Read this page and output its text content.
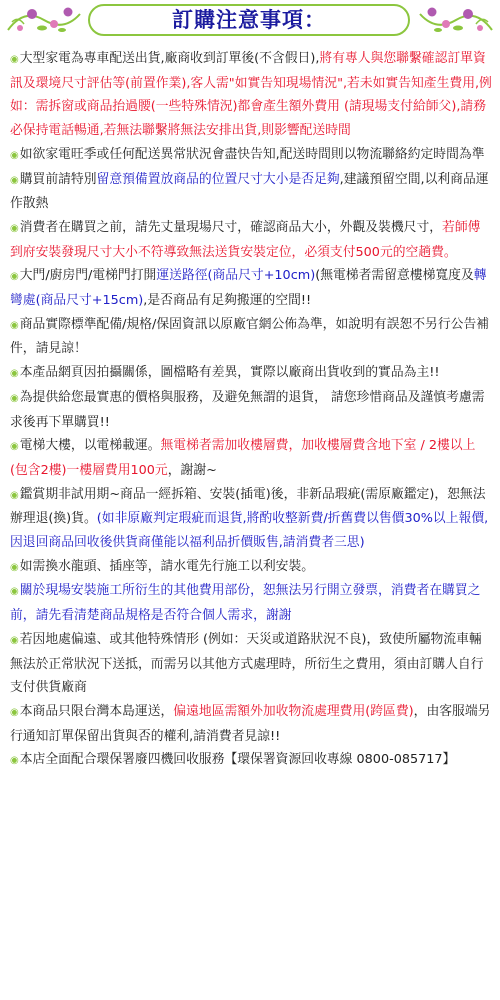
訂購注意事項：

◉大型家電為專車配送出貨,廠商收到訂單後(不含假日),將有專人與您聯繫確認訂單資訊及環境尺寸評估等(前置作業),客人需"如實告知現場情況",若未如實告知產生費用,例如：需拆窗或商品抬過腰(一些特殊情況)都會產生額外費用 (請現場支付給師父),請務必保持電話暢通,若無法聯繫將無法安排出貨,則影響配送時間

◉如欲家電旺季或任何配送異常狀況會盡快告知,配送時間則以物流聯絡約定時間為準

◉購買前請特別留意預備置放商品的位置尺寸大小是否足夠,建議預留空間,以利商品運作散熱

◉消費者在購買之前，請先丈量現場尺寸，確認商品大小，外觀及裝機尺寸，若師傅到府安裝發現尺寸大小不符導致無法送貨安裝定位，必須支付500元的空趟費。

◉大門/廚房門/電梯門打開運送路徑(商品尺寸+10cm)(無電梯者需留意樓梯寬度及轉彎處(商品尺寸+15cm),是否商品有足夠搬運的空間!!

◉商品實際標準配備/規格/保固資訊以原廠官網公佈為準，如說明有誤恕不另行公告補件，請見諒！

◉本產品網頁因拍攝關係，圖檔略有差異，實際以廠商出貨收到的實品為主!!

◉為提供給您最實惠的價格與服務，及避免無謂的退貨， 請您珍惜商品及謹慎考慮需求後再下單購買!!

◉電梯大樓，以電梯載運。無電梯者需加收樓層費，加收樓層費含地下室 / 2樓以上(包含2樓)一樓層費用100元，謝謝~

◉鑑賞期非試用期~商品一經拆箱、安裝(插電)後，非新品瑕疵(需原廠鑑定)，恕無法辦理退(換)貨。(如非原廠判定瑕疵而退貨,將酌收整新費/折舊費以售價30%以上報價,因退回商品回收後供貨商僅能以福利品折價販售,請消費者三思)

◉如需換水龍頭、插座等，請水電先行施工以利安裝。

◉關於現場安裝施工所衍生的其他費用部份，恕無法另行開立發票，消費者在購買之前，請先看清楚商品規格是否符合個人需求，謝謝

◉若因地處偏遠、或其他特殊情形 (例如：天災或道路狀況不良)，致使所屬物流車輛無法於正常狀況下送抵，而需另以其他方式處理時，所衍生之費用，須由訂購人自行支付供貨廠商

◉本商品只限台灣本島運送，偏遠地區需額外加收物流處理費用(跨區費)，由客服端另行通知訂單保留出貨與否的權利,請消費者見諒!!

◉本店全面配合環保署廢四機回收服務【環保署資源回收專線 0800-085717】
